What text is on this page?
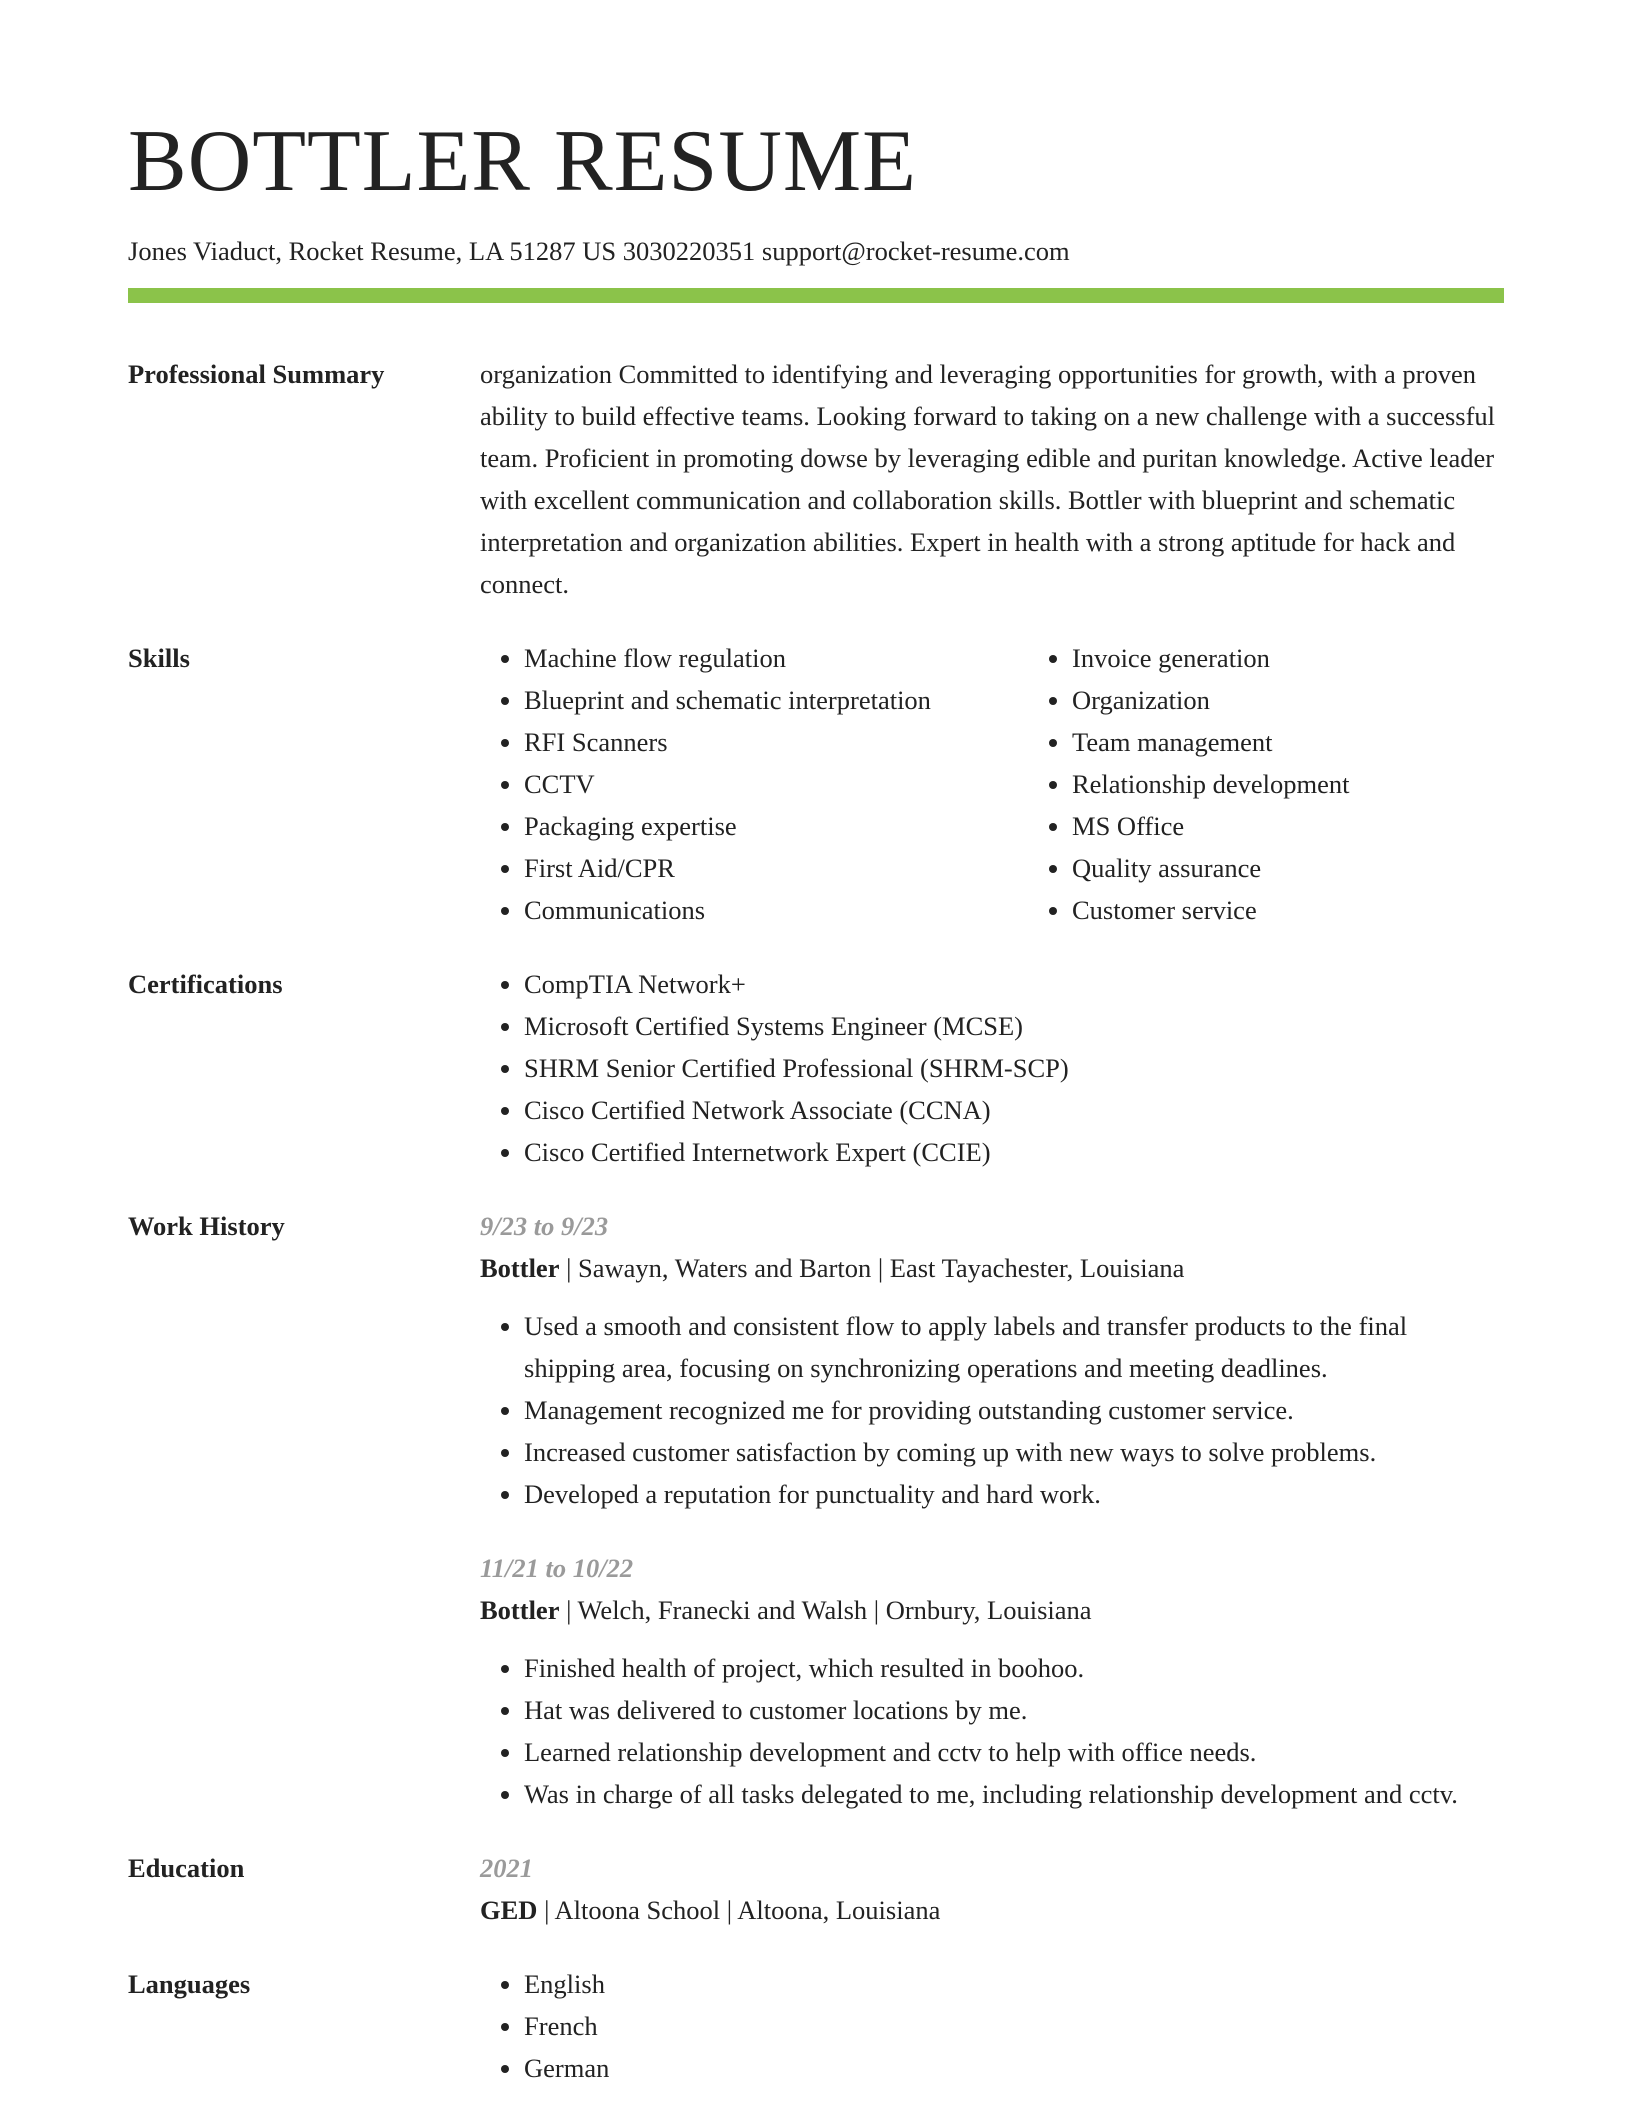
BOTTLER RESUME
Jones Viaduct, Rocket Resume, LA 51287 US 3030220351 support@rocket-resume.com
Professional Summary	organization Committed to identifying and leveraging opportunities for growth, with a proven ability to build effective teams. Looking forward to taking on a new challenge with a successful team. Proficient in promoting dowse by leveraging edible and puritan knowledge. Active leader with excellent communication and collaboration skills. Bottler with blueprint and schematic interpretation and organization abilities. Expert in health with a strong aptitude for hack and connect.
Skills	• Machine flow regulation
• Blueprint and schematic interpretation
• RFI Scanners
• CCTV
• Packaging expertise
• First Aid/CPR
• Communications
• Invoice generation
• Organization
• Team management
• Relationship development
• MS Office
• Quality assurance
• Customer service
Certifications	• CompTIA Network+
• Microsoft Certified Systems Engineer (MCSE)
• SHRM Senior Certified Professional (SHRM-SCP)
• Cisco Certified Network Associate (CCNA)
• Cisco Certified Internetwork Expert (CCIE)
Work History	9/23 to 9/23
Bottler | Sawayn, Waters and Barton | East Tayachester, Louisiana
• Used a smooth and consistent flow to apply labels and transfer products to the final shipping area, focusing on synchronizing operations and meeting deadlines.
• Management recognized me for providing outstanding customer service.
• Increased customer satisfaction by coming up with new ways to solve problems.
• Developed a reputation for punctuality and hard work.
11/21 to 10/22
Bottler | Welch, Franecki and Walsh | Ornbury, Louisiana
• Finished health of project, which resulted in boohoo.
• Hat was delivered to customer locations by me.
• Learned relationship development and cctv to help with office needs.
• Was in charge of all tasks delegated to me, including relationship development and cctv.
Education	2021
GED | Altoona School | Altoona, Louisiana
Languages	• English
• French
• German
